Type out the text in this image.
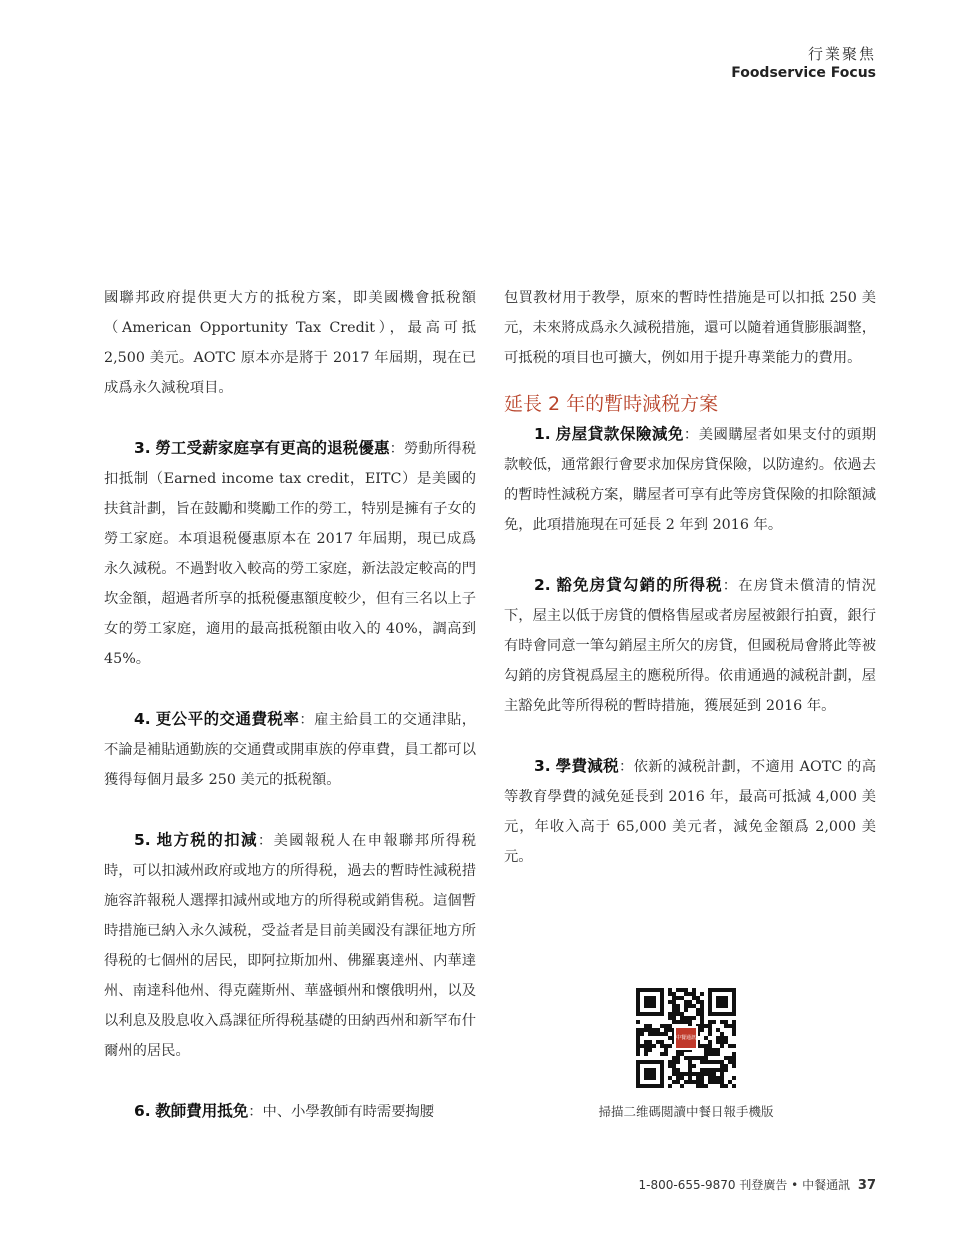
行業聚焦
Foodservice Focus

國聯邦政府提供更大方的抵稅方案，即美國機會抵稅額（American Opportunity Tax Credit），最高可抵 2,500 美元。AOTC 原本亦是將于 2017 年屆期，現在已成爲永久減稅項目。

3. 勞工受薪家庭享有更高的退税優惠：勞動所得税扣抵制（Earned income tax credit，EITC）是美國的扶貧計劃，旨在鼓勵和獎勵工作的勞工，特别是擁有子女的勞工家庭。本項退税優惠原本在 2017 年屆期，現已成爲永久減税。不過對收入較高的勞工家庭，新法設定較高的門坎金額，超過者所享的抵税優惠額度較少，但有三名以上子女的勞工家庭，適用的最高抵税額由收入的 40%，調高到 45%。

4. 更公平的交通費税率：雇主給員工的交通津貼，不論是補貼通勤族的交通費或開車族的停車費，員工都可以獲得每個月最多 250 美元的抵税額。

5. 地方税的扣減：美國報税人在申報聯邦所得税時，可以扣減州政府或地方的所得税，過去的暫時性減税措施容許報税人選擇扣減州或地方的所得税或銷售税。這個暫時措施已納入永久減税，受益者是目前美國没有課征地方所得税的七個州的居民，即阿拉斯加州、佛羅裏達州、内華達州、南達科他州、得克薩斯州、華盛頓州和懷俄明州，以及以利息及股息收入爲課征所得税基礎的田納西州和新罕布什爾州的居民。

6. 教師費用抵免：中、小學教師有時需要掏腰

包買教材用于教學，原來的暫時性措施是可以扣抵 250 美元，未來將成爲永久減税措施，還可以隨着通貨膨脹調整，可抵税的項目也可擴大，例如用于提升專業能力的費用。

延長 2 年的暫時減税方案

1. 房屋貸款保險減免：美國購屋者如果支付的頭期款較低，通常銀行會要求加保房貸保險，以防違約。依過去的暫時性減税方案，購屋者可享有此等房貸保險的扣除額減免，此項措施現在可延長 2 年到 2016 年。

2. 豁免房貸勾銷的所得税：在房貸未償清的情況下，屋主以低于房貸的價格售屋或者房屋被銀行拍賣，銀行有時會同意一筆勾銷屋主所欠的房貸，但國税局會將此等被勾銷的房貸視爲屋主的應税所得。依甫通過的減税計劃，屋主豁免此等所得税的暫時措施，獲展延到 2016 年。

3. 學費減税：依新的減税計劃，不適用 AOTC 的高等教育學費的減免延長到 2016 年，最高可抵減 4,000 美元，年收入高于 65,000 美元者，減免金額爲 2,000 美元。

中餐通訊
掃描二维碼閲讀中餐日報手機版
1-800-655-9870 刊登廣告 • 中餐通訊 37
